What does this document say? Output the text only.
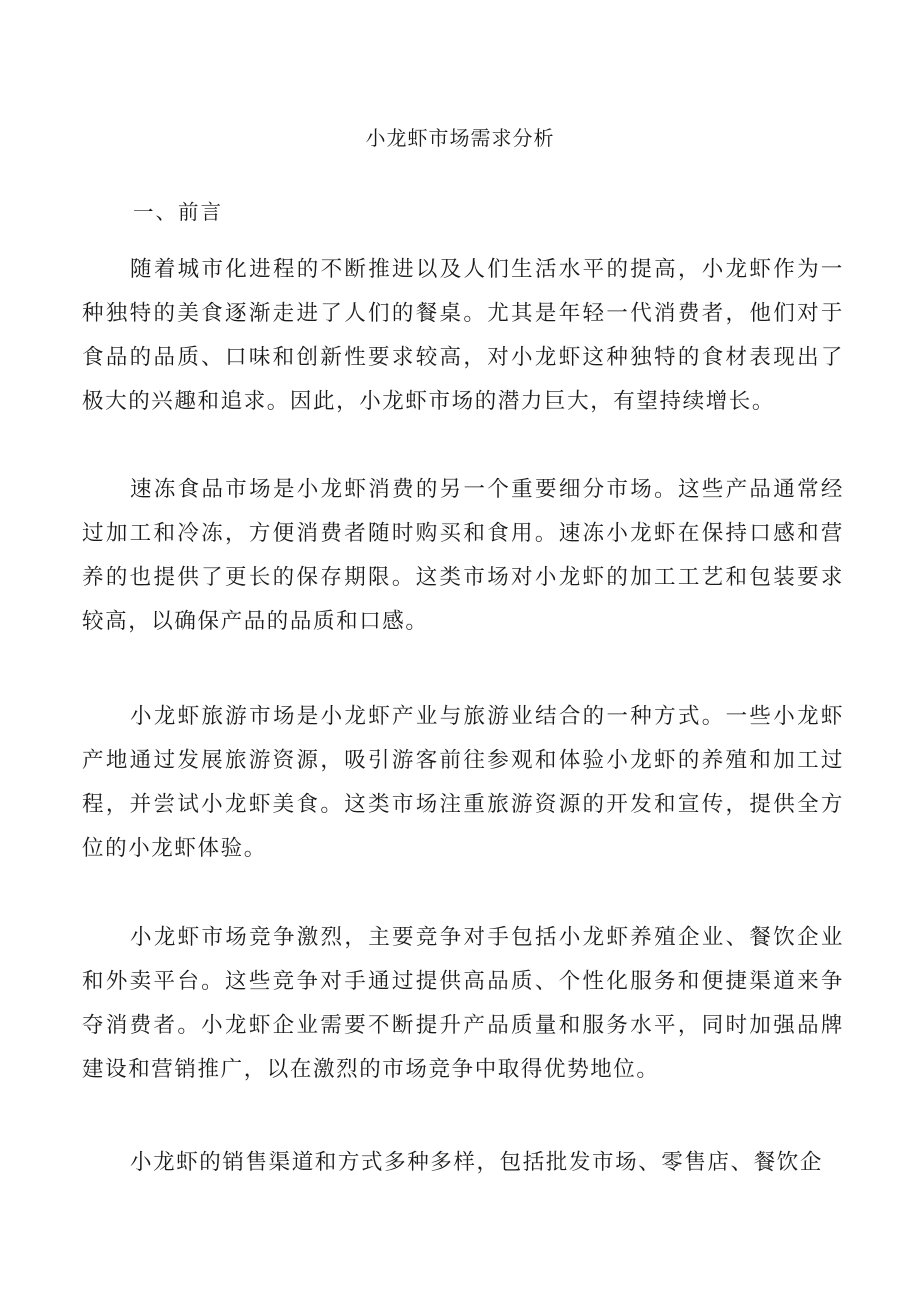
小龙虾市场需求分析
一、前言

随着城市化进程的不断推进以及人们生活水平的提高，小龙虾作为一种独特的美食逐渐走进了人们的餐桌。尤其是年轻一代消费者，他们对于食品的品质、口味和创新性要求较高，对小龙虾这种独特的食材表现出了极大的兴趣和追求。因此，小龙虾市场的潜力巨大，有望持续增长。

速冻食品市场是小龙虾消费的另一个重要细分市场。这些产品通常经过加工和冷冻，方便消费者随时购买和食用。速冻小龙虾在保持口感和营养的也提供了更长的保存期限。这类市场对小龙虾的加工工艺和包装要求较高，以确保产品的品质和口感。

小龙虾旅游市场是小龙虾产业与旅游业结合的一种方式。一些小龙虾产地通过发展旅游资源，吸引游客前往参观和体验小龙虾的养殖和加工过程，并尝试小龙虾美食。这类市场注重旅游资源的开发和宣传，提供全方位的小龙虾体验。

小龙虾市场竞争激烈，主要竞争对手包括小龙虾养殖企业、餐饮企业和外卖平台。这些竞争对手通过提供高品质、个性化服务和便捷渠道来争夺消费者。小龙虾企业需要不断提升产品质量和服务水平，同时加强品牌建设和营销推广，以在激烈的市场竞争中取得优势地位。

小龙虾的销售渠道和方式多种多样，包括批发市场、零售店、餐饮企
